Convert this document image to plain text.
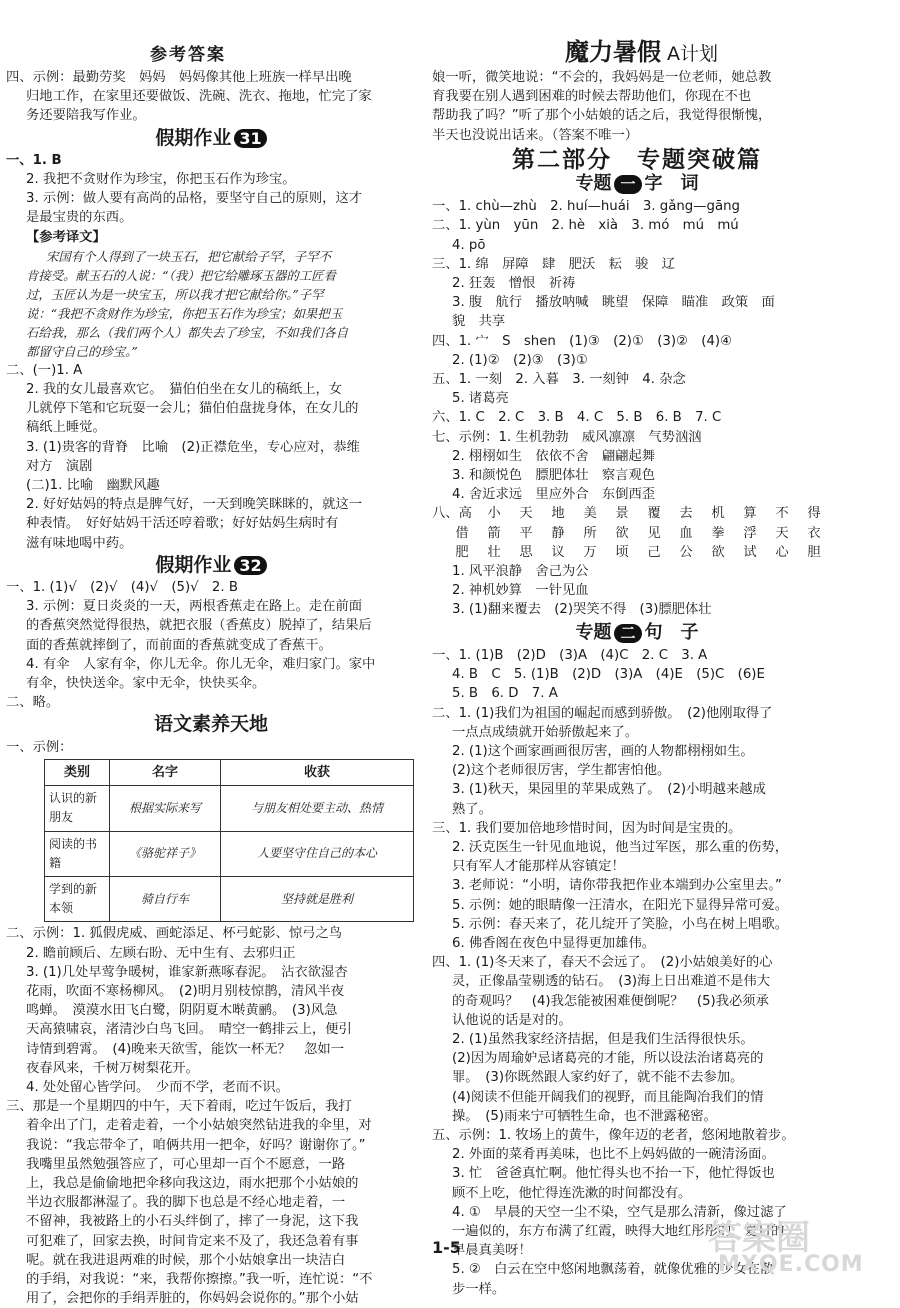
参考答案	魔力暑假 A计划

四、示例：最勤劳奖　妈妈　妈妈像其他上班族一样早出晚

归地工作，在家里还要做饭、洗碗、洗衣、拖地，忙完了家

务还要陪我写作业。

假期作业 31

一、1. B

2. 我把不贪财作为珍宝，你把玉石作为珍宝。

3. 示例：做人要有高尚的品格，要坚守自己的原则，这才

是最宝贵的东西。

【参考译文】

宋国有个人得到了一块玉石，把它献给子罕，子罕不

肯接受。献玉石的人说：“（我）把它给雕琢玉器的工匠看

过，玉匠认为是一块宝玉，所以我才把它献给你。”子罕

说：“我把不贪财作为珍宝，你把玉石作为珍宝；如果把玉

石给我，那么（我们两个人）都失去了珍宝，不如我们各自

都留守自己的珍宝。”

二、(一)1. A

2. 我的女儿最喜欢它。　猫伯伯坐在女儿的稿纸上，女

儿就停下笔和它玩耍一会儿；猫伯伯盘拢身体，在女儿的

稿纸上睡觉。

3. (1)贵客的背脊　比喻　(2)正襟危坐，专心应对，恭维

对方　演剧

(二)1. 比喻　幽默风趣

2. 好好姑妈的特点是脾气好，一天到晚笑眯眯的，就这一

种表情。　好好姑妈干活还哼着歌；好好姑妈生病时有

滋有味地喝中药。

假期作业 32

一、1. (1)√　(2)√　(4)√　(5)√　2. B

3. 示例：夏日炎炎的一天，两根香蕉走在路上。走在前面

的香蕉突然觉得很热，就把衣服（香蕉皮）脱掉了，结果后

面的香蕉就摔倒了，而前面的香蕉就变成了香蕉干。

4. 有伞　人家有伞，你儿无伞。你儿无伞，难归家门。家中

有伞，快快送伞。家中无伞，快快买伞。

二、略。

语文素养天地

一、示例：

类别	名字	收获
认识的新朋友	根据实际来写	与朋友相处要主动、热情
阅读的书籍	《骆驼祥子》	人要坚守住自己的本心
学到的新本领	骑自行车	坚持就是胜利

二、示例：1. 狐假虎威、画蛇添足、杯弓蛇影、惊弓之鸟

2. 瞻前顾后、左顾右盼、无中生有、去邪归正

3. (1)几处早莺争暖树，谁家新燕啄春泥。　沾衣欲湿杏

花雨，吹面不寒杨柳风。　(2)明月别枝惊鹊，清风半夜

鸣蝉。　漠漠水田飞白鹭，阴阴夏木啭黄鹂。　(3)风急

天高猿啸哀，渚清沙白鸟飞回。　晴空一鹤排云上，便引

诗情到碧霄。　(4)晚来天欲雪，能饮一杯无？　忽如一

夜春风来，千树万树梨花开。

4. 处处留心皆学问。　少而不学，老而不识。

三、那是一个星期四的中午，天下着雨，吃过午饭后，我打

着伞出了门，走着走着，一个小姑娘突然钻进我的伞里，对

我说：“我忘带伞了，咱俩共用一把伞，好吗？谢谢你了。”

我嘴里虽然勉强答应了，可心里却一百个不愿意，一路

上，我总是偷偷地把伞移向我这边，雨水把那个小姑娘的

半边衣服都淋湿了。我的脚下也总是不经心地走着，一

不留神，我被路上的小石头绊倒了，摔了一身泥，这下我

可犯难了，回家去换，时间肯定来不及了，我还急着有事

呢。就在我进退两难的时候，那个小姑娘拿出一块洁白

的手绢，对我说：“来，我帮你擦擦。”我一听，连忙说：“不

用了，会把你的手绢弄脏的，你妈妈会说你的。”那个小姑

娘一听，微笑地说：“不会的，我妈妈是一位老师，她总教

育我要在别人遇到困难的时候去帮助他们，你现在不也

帮助我了吗？”听了那个小姑娘的话之后，我觉得很惭愧，

半天也没说出话来。（答案不唯一）

第二部分　专题突破篇
专题 一 字　词

一、1. chù—zhù　2. huí—huái　3. gǎng—gāng

二、1. yùn　yūn　2. hè　xià　3. mó　mú　mú

4. pō

三、1. 绵　屏障　肆　肥沃　耘　骏　辽

2. 狂轰　憎恨　祈祷

3. 腹　航行　播放呐喊　眺望　保障　瞄准　政策　面

貌　共享

四、1. 宀　S　shen　(1)③　(2)①　(3)②　(4)④

2. (1)②　(2)③　(3)①

五、1. 一刻　2. 入暮　3. 一刻钟　4. 杂念

5. 诸葛亮

六、1. C　2. C　3. B　4. C　5. B　6. B　7. C

七、示例：1. 生机勃勃　威风凛凛　气势汹汹

2. 栩栩如生　依依不舍　翩翩起舞

3. 和颜悦色　膘肥体壮　察言观色

4. 舍近求远　里应外合　东倒西歪

八、高	小	天	地	美	景	覆	去	机	算	不	得
借	箭	平	静	所	欲	见	血	拳	浮	天	衣
肥	壮	思	议	万	顷	己	公	欲	试	心	胆

1. 风平浪静　舍己为公

2. 神机妙算　一针见血

3. (1)翻来覆去　(2)哭笑不得　(3)膘肥体壮

专题 二 句　子

一、1. (1)B　(2)D　(3)A　(4)C　2. C　3. A

4. B　C　5. (1)B　(2)D　(3)A　(4)E　(5)C　(6)E

5. B　6. D　7. A

二、1. (1)我们为祖国的崛起而感到骄傲。　(2)他刚取得了

一点点成绩就开始骄傲起来了。

2. (1)这个画家画画很厉害，画的人物都栩栩如生。

(2)这个老师很厉害，学生都害怕他。

3. (1)秋天，果园里的苹果成熟了。　(2)小明越来越成

熟了。

三、1. 我们要加倍地珍惜时间，因为时间是宝贵的。

2. 沃克医生一针见血地说，他当过军医，那么重的伤势，

只有军人才能那样从容镇定！

3. 老师说：“小明，请你带我把作业本端到办公室里去。”

5. 示例：她的眼睛像一汪清水，在阳光下显得异常可爱。

5. 示例：春天来了，花儿绽开了笑脸，小鸟在树上唱歌。

6. 佛香阁在夜色中显得更加雄伟。

四、1. (1)冬天来了，春天不会远了。　(2)小姑娘美好的心

灵，正像晶莹剔透的钻石。　(3)海上日出难道不是伟大

的奇观吗？　(4)我怎能被困难便倒呢？　(5)我必须承

认他说的话是对的。

2. (1)虽然我家经济拮据，但是我们生活得很快乐。

(2)因为周瑜妒忌诸葛亮的才能，所以设法治诸葛亮的

罪。　(3)你既然跟人家约好了，就不能不去参加。

(4)阅读不但能开阔我们的视野，而且能陶冶我们的情

操。　(5)雨来宁可牺牲生命，也不泄露秘密。

五、示例：1. 牧场上的黄牛，像年迈的老者，悠闲地散着步。

2. 外面的菜肴再美味，也比不上妈妈做的一碗清汤面。

3. 忙　爸爸真忙啊。他忙得头也不抬一下，他忙得饭也

顾不上吃，他忙得连洗漱的时间都没有。

4. ①　早晨的天空一尘不染，空气是那么清新，像过滤了

一遍似的，东方布满了红霞，映得大地红彤彤的，夏日的

早晨真美呀！

5. ②　白云在空中悠闲地飘荡着，就像优雅的少女在散

步一样。

1-5	答案圈
MXQE.COM
